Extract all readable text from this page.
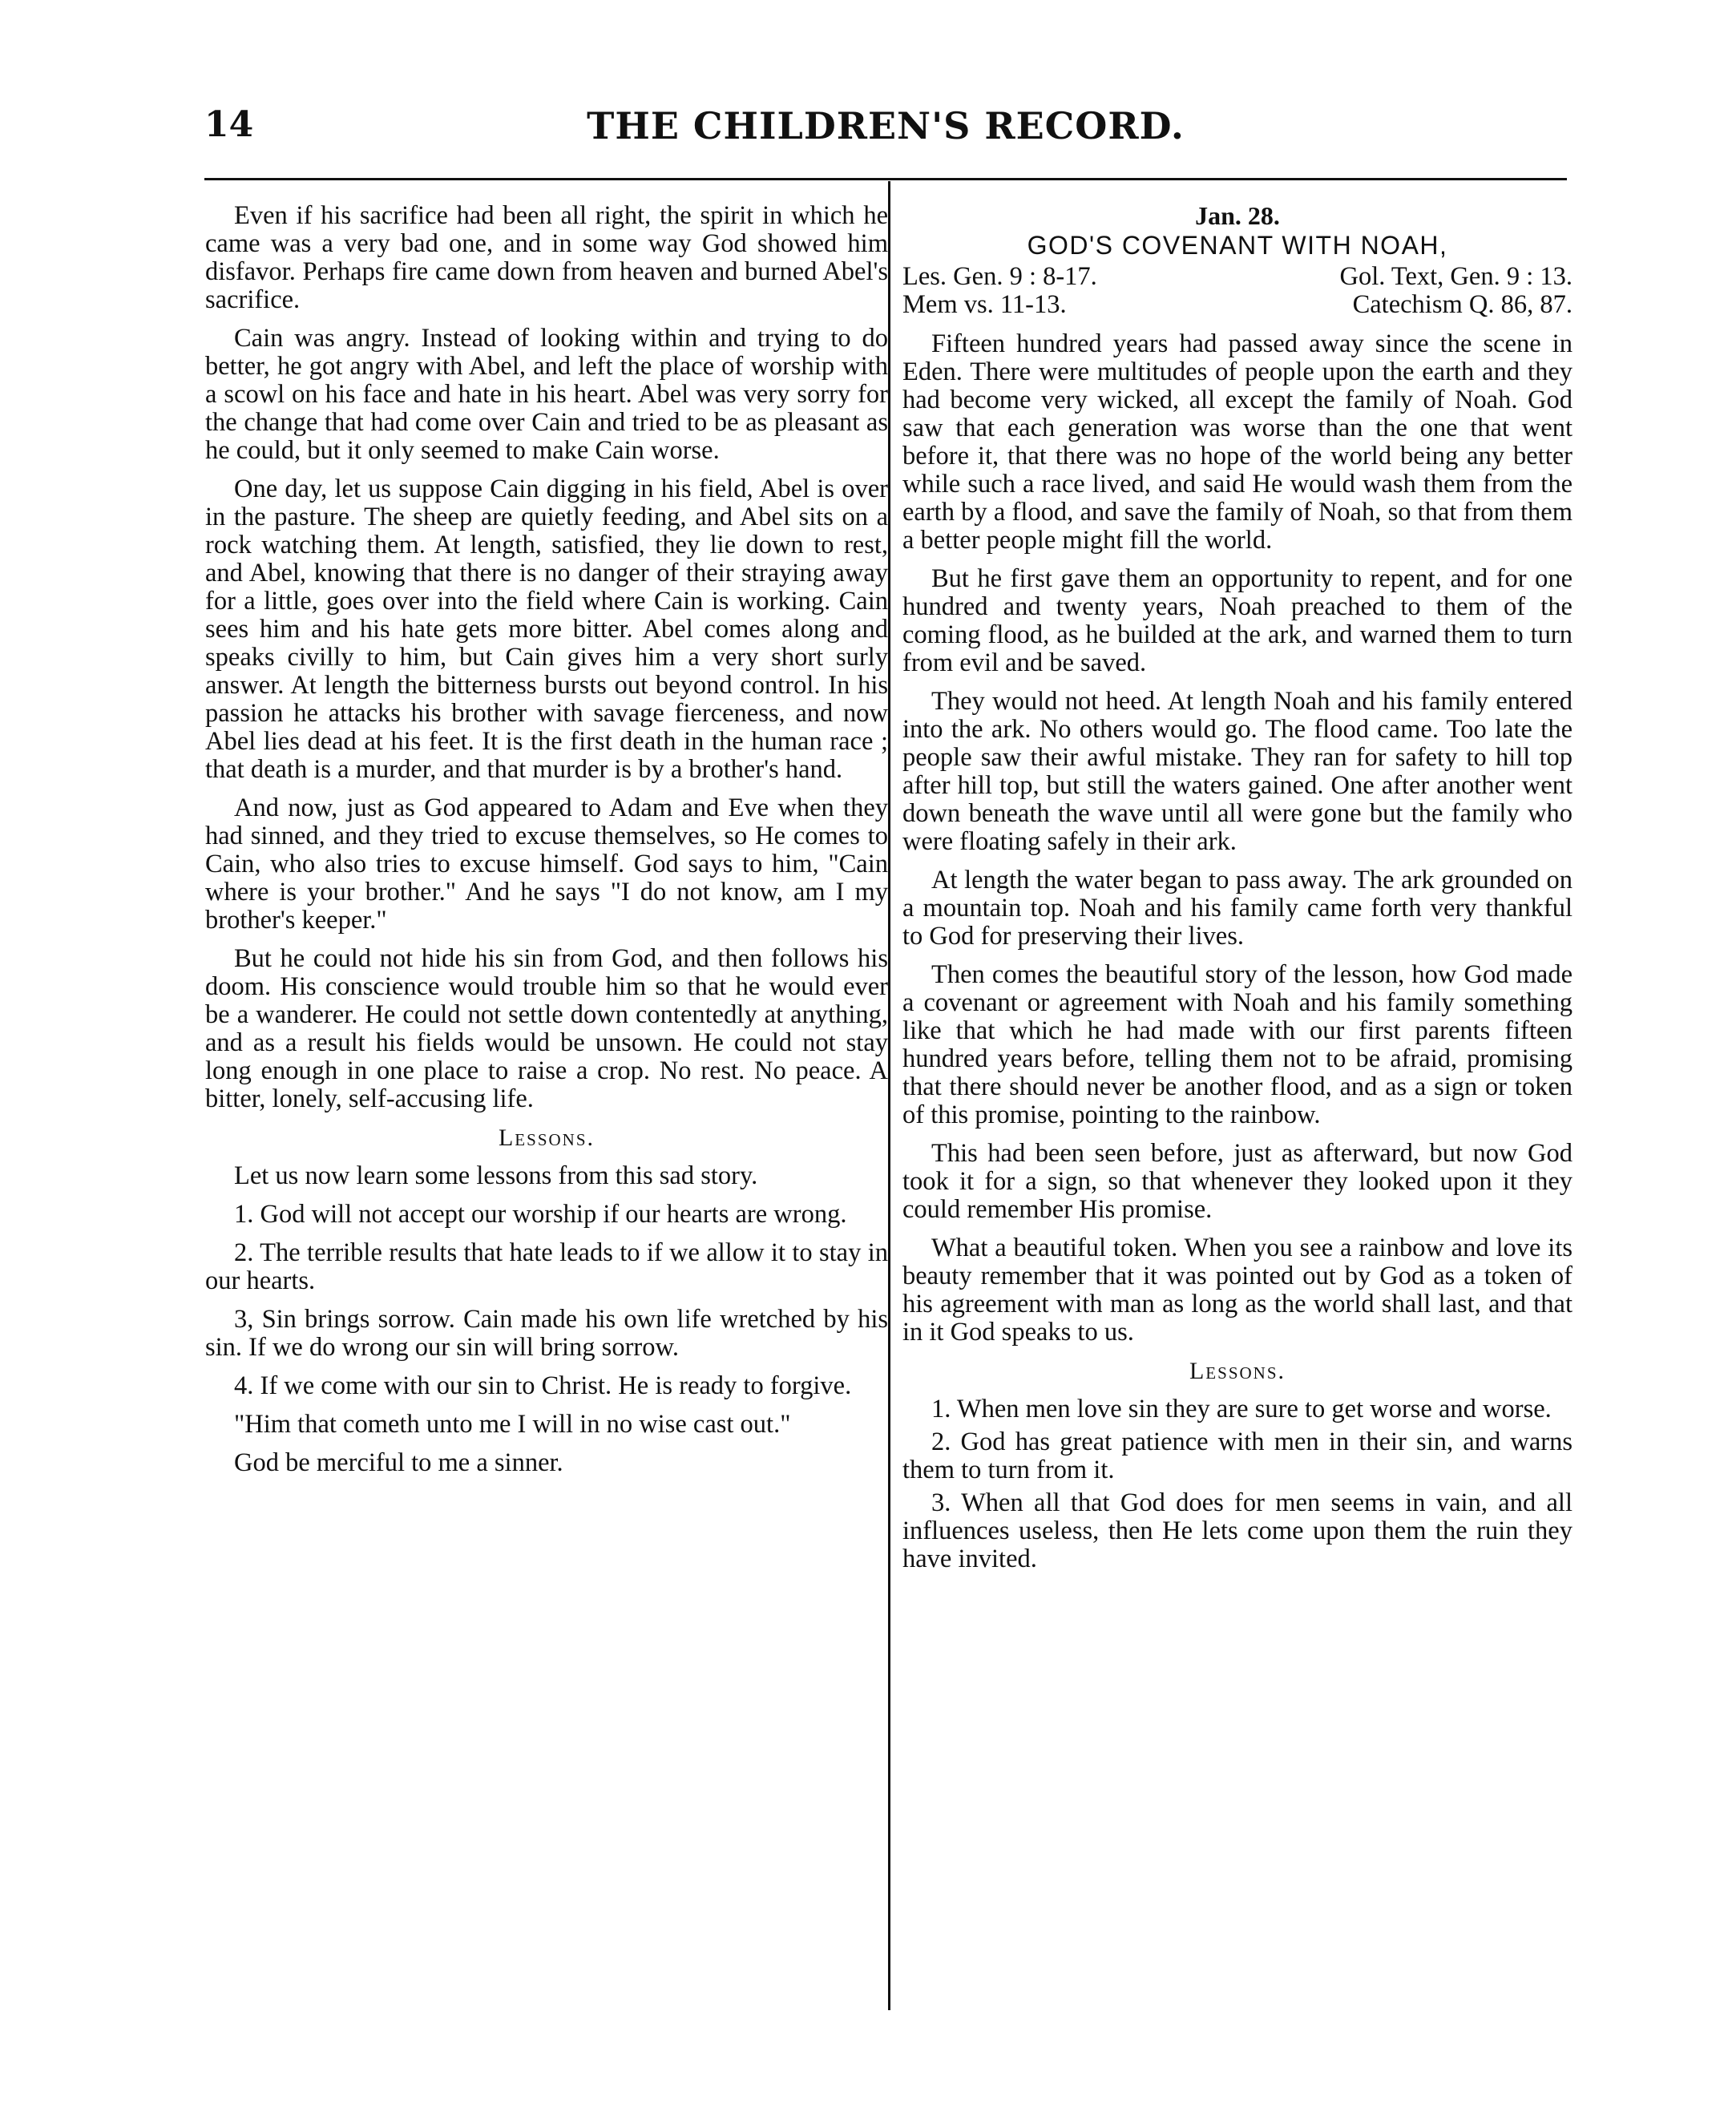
14	THE CHILDREN'S RECORD.

Even if his sacrifice had been all right, the spirit in which he came was a very bad one, and in some way God showed him disfavor. Perhaps fire came down from heaven and burned Abel's sacrifice.

Cain was angry. Instead of looking within and trying to do better, he got angry with Abel, and left the place of worship with a scowl on his face and hate in his heart. Abel was very sorry for the change that had come over Cain and tried to be as pleasant as he could, but it only seemed to make Cain worse.

One day, let us suppose Cain digging in his field, Abel is over in the pasture. The sheep are quietly feeding, and Abel sits on a rock watching them. At length, satisfied, they lie down to rest, and Abel, knowing that there is no danger of their straying away for a little, goes over into the field where Cain is working. Cain sees him and his hate gets more bitter. Abel comes along and speaks civilly to him, but Cain gives him a very short surly answer. At length the bitterness bursts out beyond control. In his passion he attacks his brother with savage fierceness, and now Abel lies dead at his feet. It is the first death in the human race ; that death is a murder, and that murder is by a brother's hand.

And now, just as God appeared to Adam and Eve when they had sinned, and they tried to excuse themselves, so He comes to Cain, who also tries to excuse himself. God says to him, "Cain where is your brother." And he says "I do not know, am I my brother's keeper."

But he could not hide his sin from God, and then follows his doom. His conscience would trouble him so that he would ever be a wanderer. He could not settle down contentedly at anything, and as a result his fields would be unsown. He could not stay long enough in one place to raise a crop. No rest. No peace. A bitter, lonely, self-accusing life.

Lessons.

Let us now learn some lessons from this sad story.

1. God will not accept our worship if our hearts are wrong.

2. The terrible results that hate leads to if we allow it to stay in our hearts.

3, Sin brings sorrow. Cain made his own life wretched by his sin. If we do wrong our sin will bring sorrow.

4. If we come with our sin to Christ. He is ready to forgive.

"Him that cometh unto me I will in no wise cast out."

God be merciful to me a sinner.

Jan. 28.

GOD'S COVENANT WITH NOAH,

Les. Gen. 9 : 8-17.	Gol. Text, Gen. 9 : 13.

Mem vs. 11-13.	Catechism Q. 86, 87.

Fifteen hundred years had passed away since the scene in Eden. There were multitudes of people upon the earth and they had become very wicked, all except the family of Noah. God saw that each generation was worse than the one that went before it, that there was no hope of the world being any better while such a race lived, and said He would wash them from the earth by a flood, and save the family of Noah, so that from them a better people might fill the world.

But he first gave them an opportunity to repent, and for one hundred and twenty years, Noah preached to them of the coming flood, as he builded at the ark, and warned them to turn from evil and be saved.

They would not heed. At length Noah and his family entered into the ark. No others would go. The flood came. Too late the people saw their awful mistake. They ran for safety to hill top after hill top, but still the waters gained. One after another went down beneath the wave until all were gone but the family who were floating safely in their ark.

At length the water began to pass away. The ark grounded on a mountain top. Noah and his family came forth very thankful to God for preserving their lives.

Then comes the beautiful story of the lesson, how God made a covenant or agreement with Noah and his family something like that which he had made with our first parents fifteen hundred years before, telling them not to be afraid, promising that there should never be another flood, and as a sign or token of this promise, pointing to the rainbow.

This had been seen before, just as afterward, but now God took it for a sign, so that whenever they looked upon it they could remember His promise.

What a beautiful token. When you see a rainbow and love its beauty remember that it was pointed out by God as a token of his agreement with man as long as the world shall last, and that in it God speaks to us.

Lessons.

1. When men love sin they are sure to get worse and worse.

2. God has great patience with men in their sin, and warns them to turn from it.

3. When all that God does for men seems in vain, and all influences useless, then He lets come upon them the ruin they have invited.
